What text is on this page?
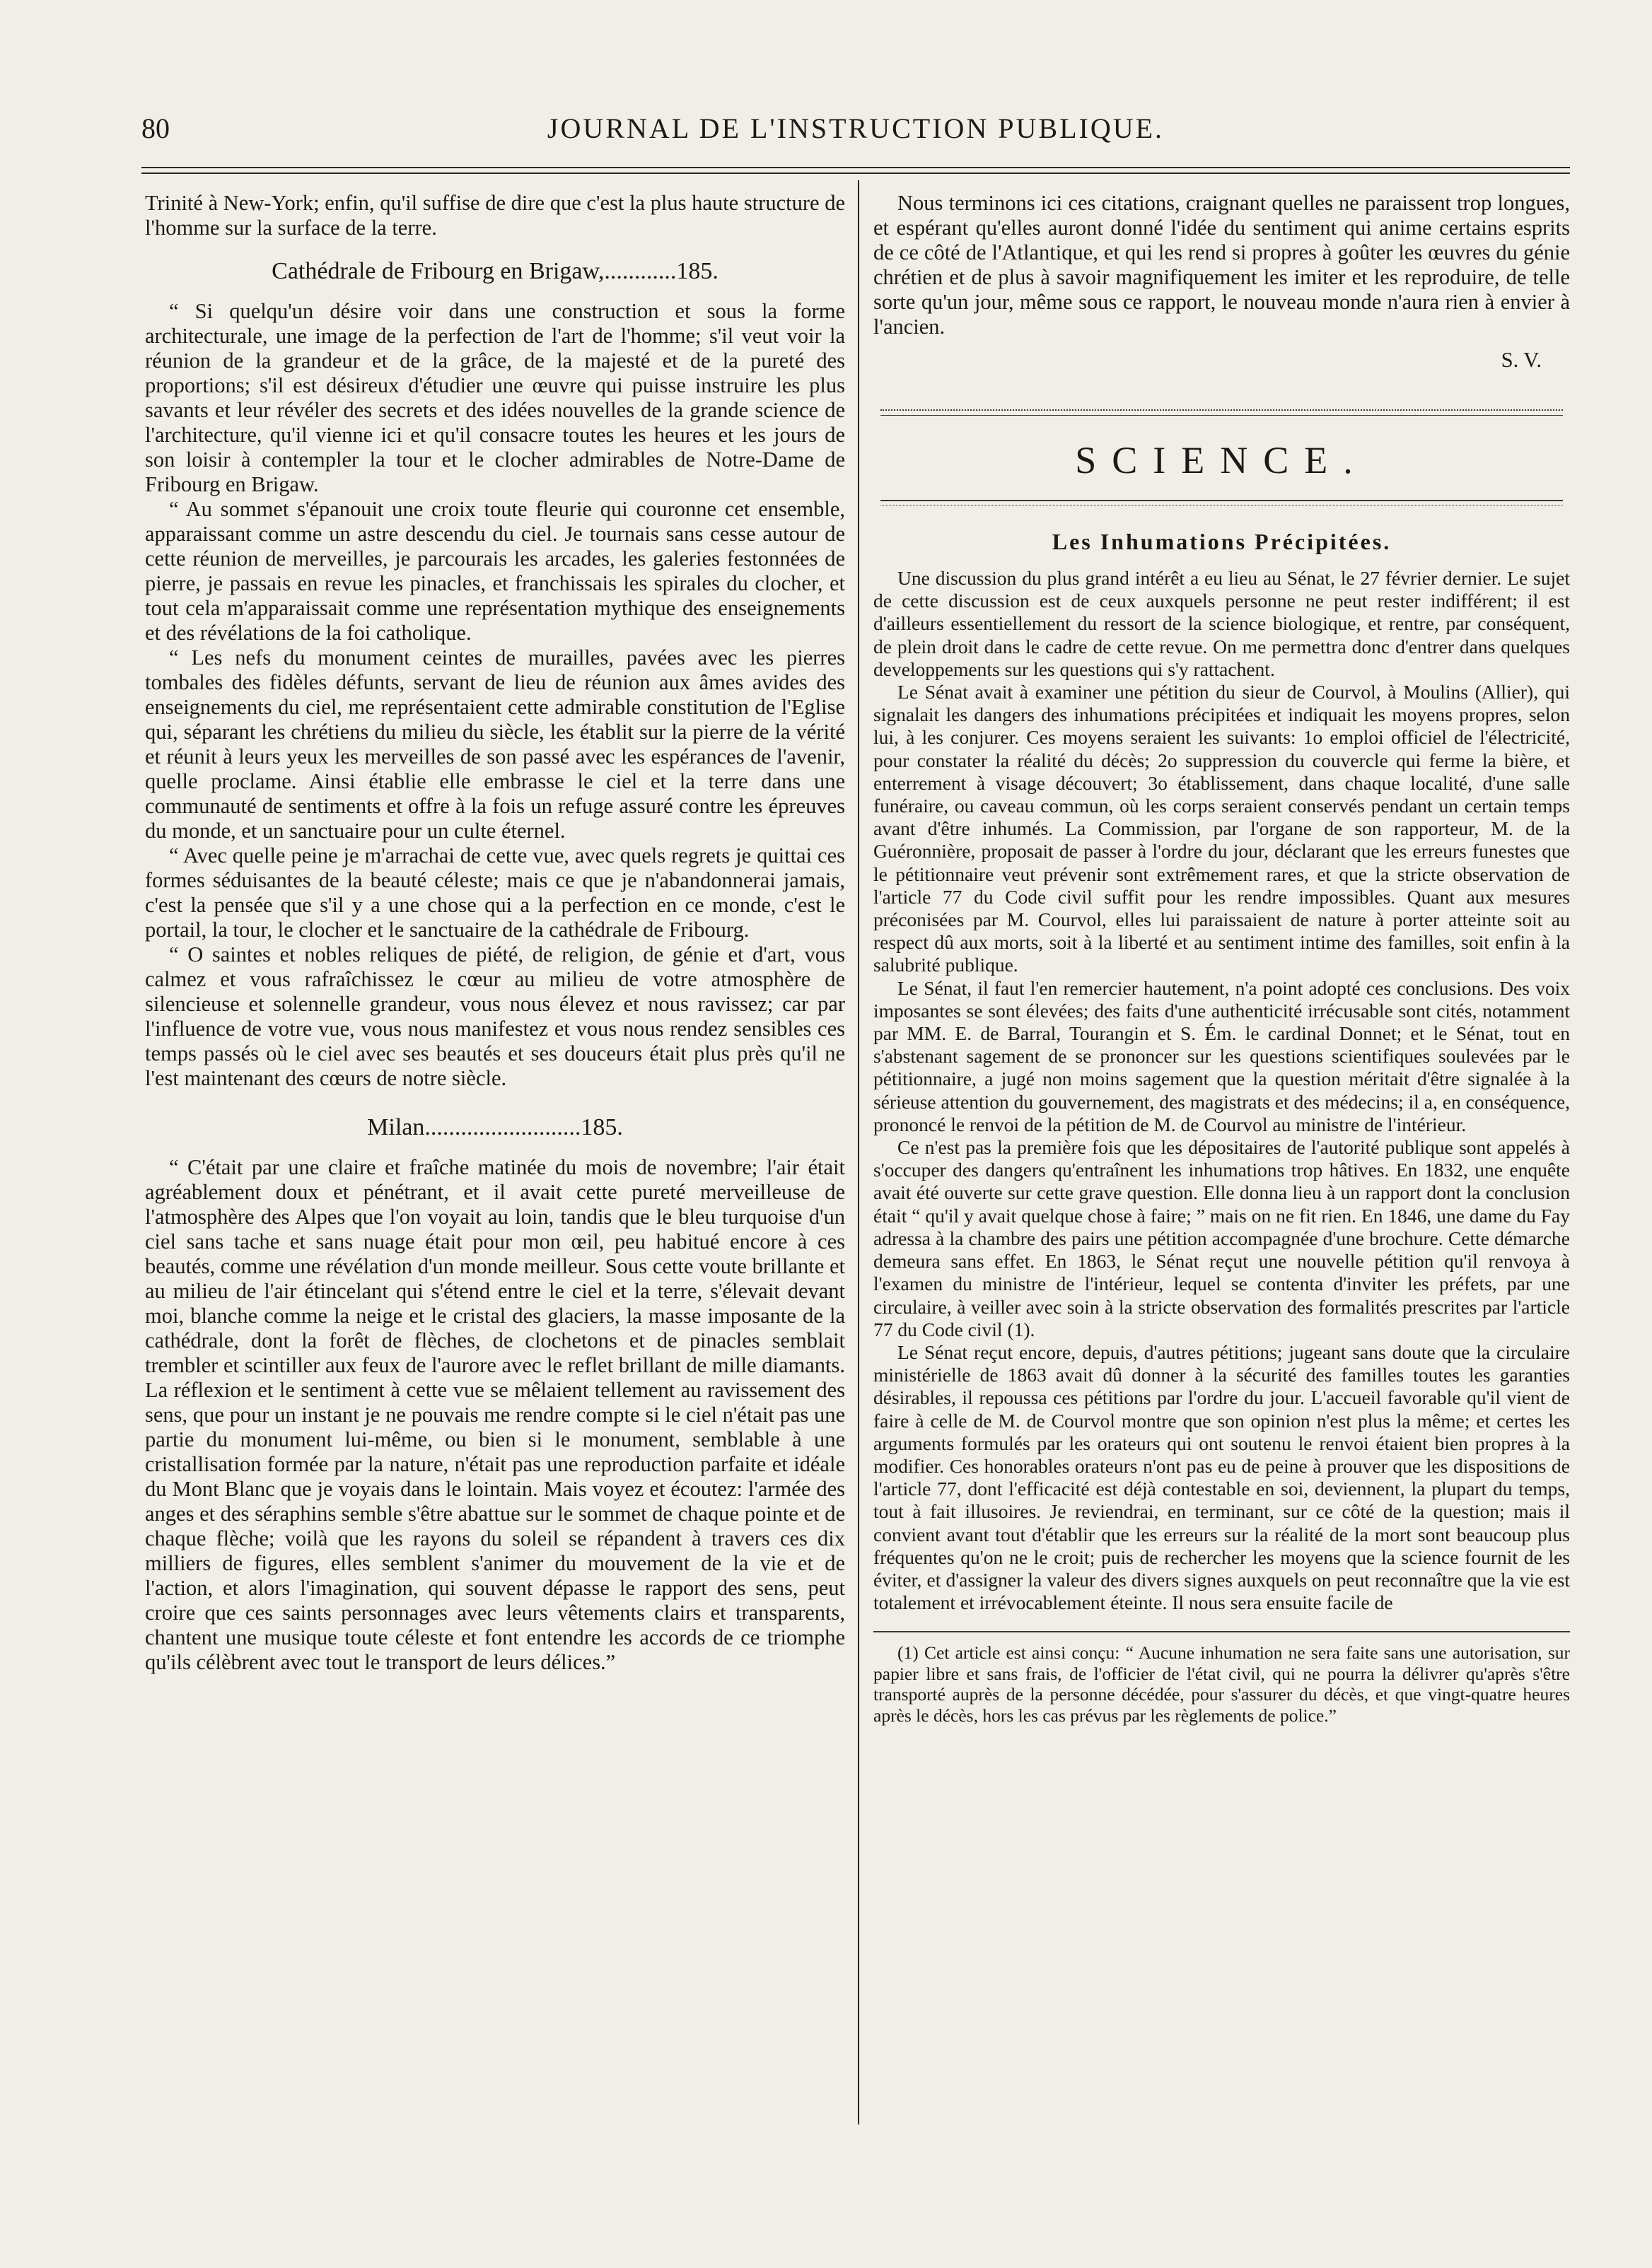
80	JOURNAL DE L'INSTRUCTION PUBLIQUE.

Trinité à New-York; enfin, qu'il suffise de dire que c'est la plus haute structure de l'homme sur la surface de la terre.

Cathédrale de Fribourg en Brigaw,............185.

“ Si quelqu'un désire voir dans une construction et sous la forme architecturale, une image de la perfection de l'art de l'homme; s'il veut voir la réunion de la grandeur et de la grâce, de la majesté et de la pureté des proportions; s'il est désireux d'étudier une œuvre qui puisse instruire les plus savants et leur révéler des secrets et des idées nouvelles de la grande science de l'architecture, qu'il vienne ici et qu'il consacre toutes les heures et les jours de son loisir à contempler la tour et le clocher admirables de Notre-Dame de Fribourg en Brigaw.

“ Au sommet s'épanouit une croix toute fleurie qui couronne cet ensemble, apparaissant comme un astre descendu du ciel. Je tournais sans cesse autour de cette réunion de merveilles, je parcourais les arcades, les galeries festonnées de pierre, je passais en revue les pinacles, et franchissais les spirales du clocher, et tout cela m'apparaissait comme une représentation mythique des enseignements et des révélations de la foi catholique.

“ Les nefs du monument ceintes de murailles, pavées avec les pierres tombales des fidèles défunts, servant de lieu de réunion aux âmes avides des enseignements du ciel, me représentaient cette admirable constitution de l'Eglise qui, séparant les chrétiens du milieu du siècle, les établit sur la pierre de la vérité et réunit à leurs yeux les merveilles de son passé avec les espérances de l'avenir, quelle proclame. Ainsi établie elle embrasse le ciel et la terre dans une communauté de sentiments et offre à la fois un refuge assuré contre les épreuves du monde, et un sanctuaire pour un culte éternel.

“ Avec quelle peine je m'arrachai de cette vue, avec quels regrets je quittai ces formes séduisantes de la beauté céleste; mais ce que je n'abandonnerai jamais, c'est la pensée que s'il y a une chose qui a la perfection en ce monde, c'est le portail, la tour, le clocher et le sanctuaire de la cathédrale de Fribourg.

“ O saintes et nobles reliques de piété, de religion, de génie et d'art, vous calmez et vous rafraîchissez le cœur au milieu de votre atmosphère de silencieuse et solennelle grandeur, vous nous élevez et nous ravissez; car par l'influence de votre vue, vous nous manifestez et vous nous rendez sensibles ces temps passés où le ciel avec ses beautés et ses douceurs était plus près qu'il ne l'est maintenant des cœurs de notre siècle.

Milan..........................185.

“ C'était par une claire et fraîche matinée du mois de novembre; l'air était agréablement doux et pénétrant, et il avait cette pureté merveilleuse de l'atmosphère des Alpes que l'on voyait au loin, tandis que le bleu turquoise d'un ciel sans tache et sans nuage était pour mon œil, peu habitué encore à ces beautés, comme une révélation d'un monde meilleur. Sous cette voute brillante et au milieu de l'air étincelant qui s'étend entre le ciel et la terre, s'élevait devant moi, blanche comme la neige et le cristal des glaciers, la masse imposante de la cathédrale, dont la forêt de flèches, de clochetons et de pinacles semblait trembler et scintiller aux feux de l'aurore avec le reflet brillant de mille diamants. La réflexion et le sentiment à cette vue se mêlaient tellement au ravissement des sens, que pour un instant je ne pouvais me rendre compte si le ciel n'était pas une partie du monument lui-même, ou bien si le monument, semblable à une cristallisation formée par la nature, n'était pas une reproduction parfaite et idéale du Mont Blanc que je voyais dans le lointain. Mais voyez et écoutez: l'armée des anges et des séraphins semble s'être abattue sur le sommet de chaque pointe et de chaque flèche; voilà que les rayons du soleil se répandent à travers ces dix milliers de figures, elles semblent s'animer du mouvement de la vie et de l'action, et alors l'imagination, qui souvent dépasse le rapport des sens, peut croire que ces saints personnages avec leurs vêtements clairs et transparents, chantent une musique toute céleste et font entendre les accords de ce triomphe qu'ils célèbrent avec tout le transport de leurs délices.”

Nous terminons ici ces citations, craignant quelles ne paraissent trop longues, et espérant qu'elles auront donné l'idée du sentiment qui anime certains esprits de ce côté de l'Atlantique, et qui les rend si propres à goûter les œuvres du génie chrétien et de plus à savoir magnifiquement les imiter et les reproduire, de telle sorte qu'un jour, même sous ce rapport, le nouveau monde n'aura rien à envier à l'ancien.

S. V.
SCIENCE.
Les Inhumations Précipitées.

Une discussion du plus grand intérêt a eu lieu au Sénat, le 27 février dernier. Le sujet de cette discussion est de ceux auxquels personne ne peut rester indifférent; il est d'ailleurs essentiellement du ressort de la science biologique, et rentre, par conséquent, de plein droit dans le cadre de cette revue. On me permettra donc d'entrer dans quelques developpements sur les questions qui s'y rattachent.

Le Sénat avait à examiner une pétition du sieur de Courvol, à Moulins (Allier), qui signalait les dangers des inhumations précipitées et indiquait les moyens propres, selon lui, à les conjurer. Ces moyens seraient les suivants: 1o emploi officiel de l'électricité, pour constater la réalité du décès; 2o suppression du couvercle qui ferme la bière, et enterrement à visage découvert; 3o établissement, dans chaque localité, d'une salle funéraire, ou caveau commun, où les corps seraient conservés pendant un certain temps avant d'être inhumés. La Commission, par l'organe de son rapporteur, M. de la Guéronnière, proposait de passer à l'ordre du jour, déclarant que les erreurs funestes que le pétitionnaire veut prévenir sont extrêmement rares, et que la stricte observation de l'article 77 du Code civil suffit pour les rendre impossibles. Quant aux mesures préconisées par M. Courvol, elles lui paraissaient de nature à porter atteinte soit au respect dû aux morts, soit à la liberté et au sentiment intime des familles, soit enfin à la salubrité publique.

Le Sénat, il faut l'en remercier hautement, n'a point adopté ces conclusions. Des voix imposantes se sont élevées; des faits d'une authenticité irrécusable sont cités, notamment par MM. E. de Barral, Tourangin et S. Ém. le cardinal Donnet; et le Sénat, tout en s'abstenant sagement de se prononcer sur les questions scientifiques soulevées par le pétitionnaire, a jugé non moins sagement que la question méritait d'être signalée à la sérieuse attention du gouvernement, des magistrats et des médecins; il a, en conséquence, prononcé le renvoi de la pétition de M. de Courvol au ministre de l'intérieur.

Ce n'est pas la première fois que les dépositaires de l'autorité publique sont appelés à s'occuper des dangers qu'entraînent les inhumations trop hâtives. En 1832, une enquête avait été ouverte sur cette grave question. Elle donna lieu à un rapport dont la conclusion était “ qu'il y avait quelque chose à faire; ” mais on ne fit rien. En 1846, une dame du Fay adressa à la chambre des pairs une pétition accompagnée d'une brochure. Cette démarche demeura sans effet. En 1863, le Sénat reçut une nouvelle pétition qu'il renvoya à l'examen du ministre de l'intérieur, lequel se contenta d'inviter les préfets, par une circulaire, à veiller avec soin à la stricte observation des formalités prescrites par l'article 77 du Code civil (1).

Le Sénat reçut encore, depuis, d'autres pétitions; jugeant sans doute que la circulaire ministérielle de 1863 avait dû donner à la sécurité des familles toutes les garanties désirables, il repoussa ces pétitions par l'ordre du jour. L'accueil favorable qu'il vient de faire à celle de M. de Courvol montre que son opinion n'est plus la même; et certes les arguments formulés par les orateurs qui ont soutenu le renvoi étaient bien propres à la modifier. Ces honorables orateurs n'ont pas eu de peine à prouver que les dispositions de l'article 77, dont l'efficacité est déjà contestable en soi, deviennent, la plupart du temps, tout à fait illusoires. Je reviendrai, en terminant, sur ce côté de la question; mais il convient avant tout d'établir que les erreurs sur la réalité de la mort sont beaucoup plus fréquentes qu'on ne le croit; puis de rechercher les moyens que la science fournit de les éviter, et d'assigner la valeur des divers signes auxquels on peut reconnaître que la vie est totalement et irrévocablement éteinte. Il nous sera ensuite facile de

(1) Cet article est ainsi conçu: “ Aucune inhumation ne sera faite sans une autorisation, sur papier libre et sans frais, de l'officier de l'état civil, qui ne pourra la délivrer qu'après s'être transporté auprès de la personne décédée, pour s'assurer du décès, et que vingt-quatre heures après le décès, hors les cas prévus par les règlements de police.”
